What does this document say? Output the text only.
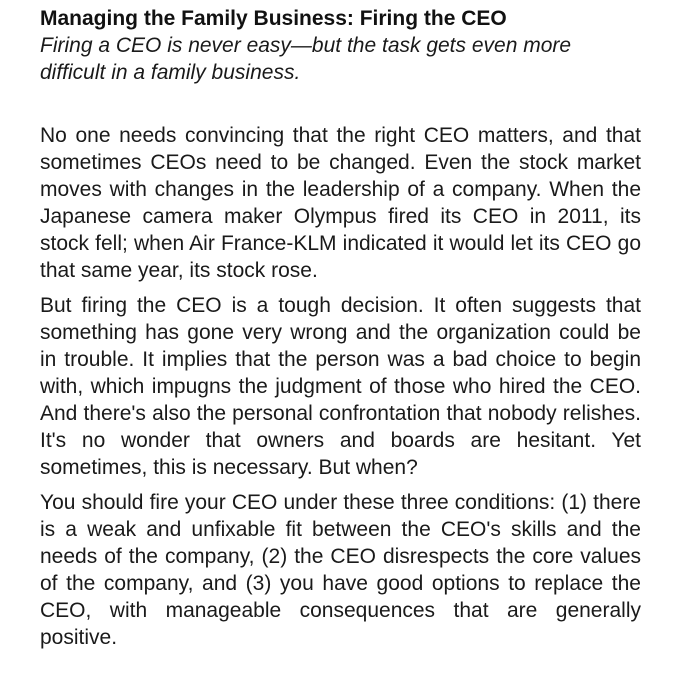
Managing the Family Business: Firing the CEO

Firing a CEO is never easy—but the task gets even more difficult in a family business.

No one needs convincing that the right CEO matters, and that sometimes CEOs need to be changed. Even the stock market moves with changes in the leadership of a company. When the Japanese camera maker Olympus fired its CEO in 2011, its stock fell; when Air France-KLM indicated it would let its CEO go that same year, its stock rose.

But firing the CEO is a tough decision. It often suggests that something has gone very wrong and the organization could be in trouble. It implies that the person was a bad choice to begin with, which impugns the judgment of those who hired the CEO. And there's also the personal confrontation that nobody relishes. It's no wonder that owners and boards are hesitant. Yet sometimes, this is necessary. But when?

You should fire your CEO under these three conditions: (1) there is a weak and unfixable fit between the CEO's skills and the needs of the company, (2) the CEO disrespects the core values of the company, and (3) you have good options to replace the CEO, with manageable consequences that are generally positive.
